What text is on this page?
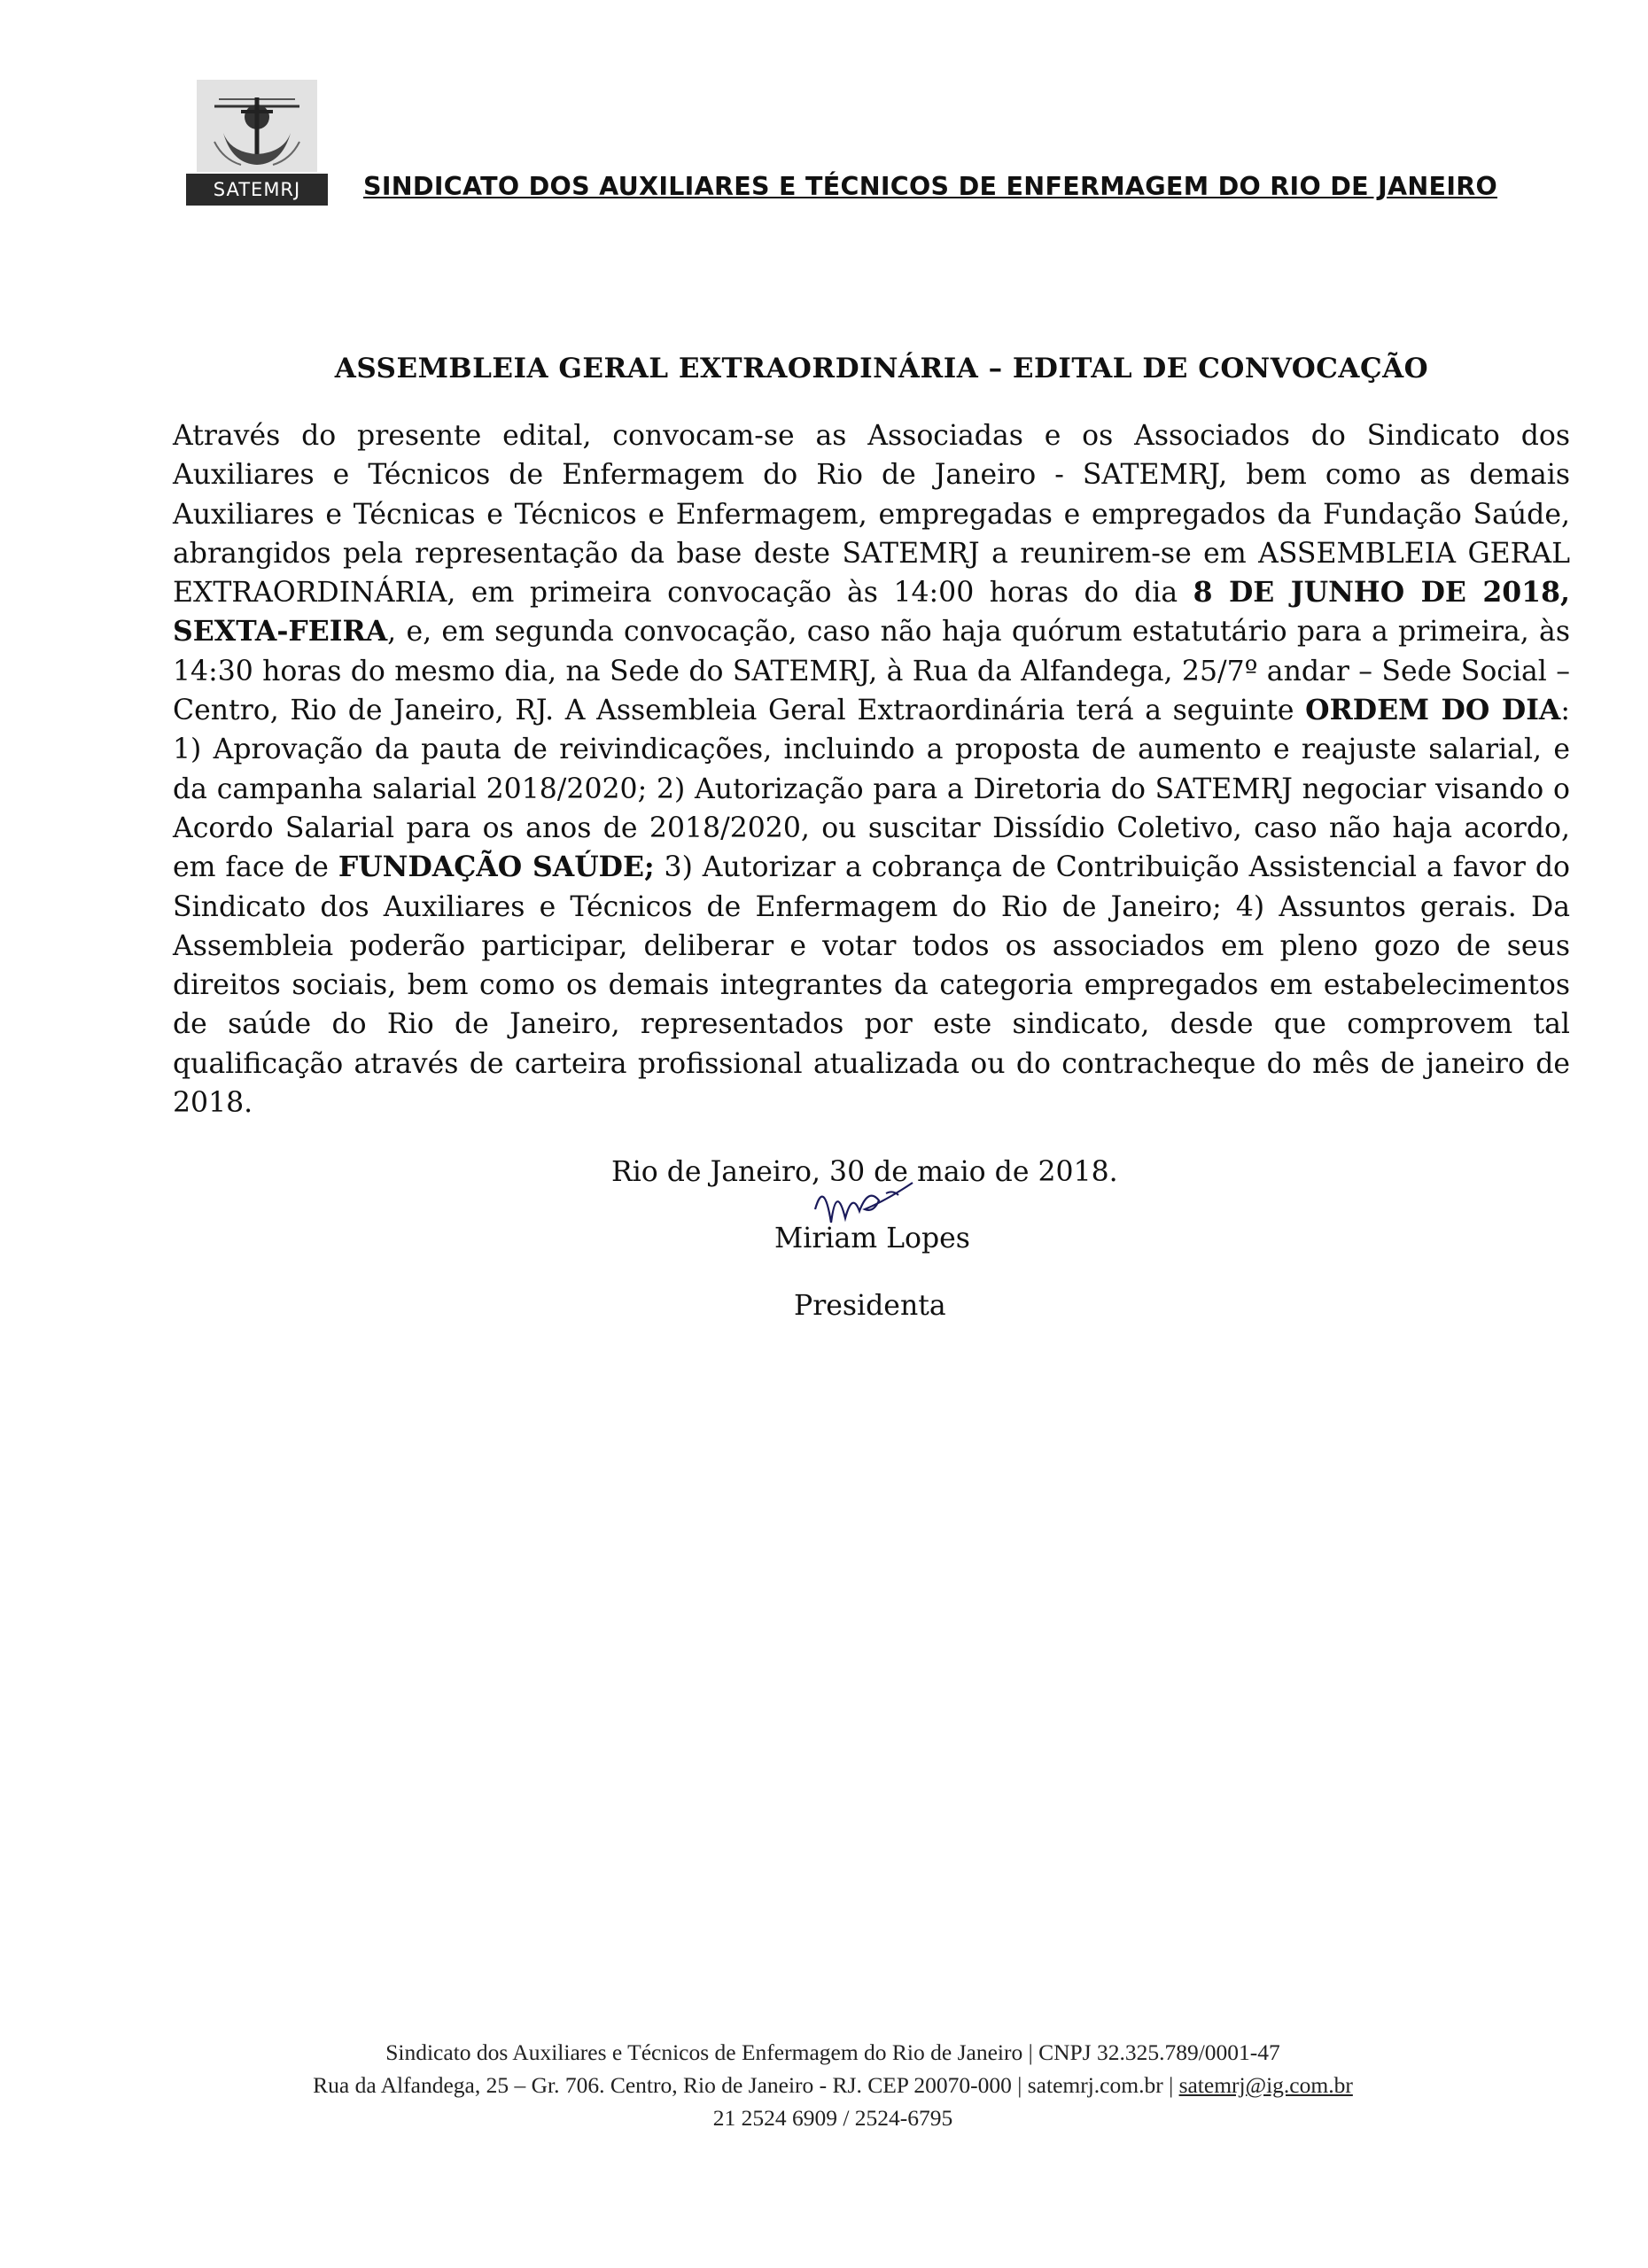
SATEMRJ	SINDICATO DOS AUXILIARES E TÉCNICOS DE ENFERMAGEM DO RIO DE JANEIRO
ASSEMBLEIA GERAL EXTRAORDINÁRIA – EDITAL DE CONVOCAÇÃO
Através do presente edital, convocam-se as Associadas e os Associados do Sindicato dos Auxiliares e Técnicos de Enfermagem do Rio de Janeiro - SATEMRJ, bem como as demais Auxiliares e Técnicas e Técnicos e Enfermagem, empregadas e empregados da Fundação Saúde, abrangidos pela representação da base deste SATEMRJ a reunirem-se em ASSEMBLEIA GERAL EXTRAORDINÁRIA, em primeira convocação às 14:00 horas do dia 8 DE JUNHO DE 2018, SEXTA-FEIRA, e, em segunda convocação, caso não haja quórum estatutário para a primeira, às 14:30 horas do mesmo dia, na Sede do SATEMRJ, à Rua da Alfandega, 25/7º andar – Sede Social – Centro, Rio de Janeiro, RJ. A Assembleia Geral Extraordinária terá a seguinte ORDEM DO DIA: 1) Aprovação da pauta de reivindicações, incluindo a proposta de aumento e reajuste salarial, e da campanha salarial 2018/2020; 2) Autorização para a Diretoria do SATEMRJ negociar visando o Acordo Salarial para os anos de 2018/2020, ou suscitar Dissídio Coletivo, caso não haja acordo, em face de FUNDAÇÃO SAÚDE; 3) Autorizar a cobrança de Contribuição Assistencial a favor do Sindicato dos Auxiliares e Técnicos de Enfermagem do Rio de Janeiro; 4) Assuntos gerais. Da Assembleia poderão participar, deliberar e votar todos os associados em pleno gozo de seus direitos sociais, bem como os demais integrantes da categoria empregados em estabelecimentos de saúde do Rio de Janeiro, representados por este sindicato, desde que comprovem tal qualificação através de carteira profissional atualizada ou do contracheque do mês de janeiro de 2018.
Rio de Janeiro, 30 de maio de 2018.
Miriam Lopes
Presidenta
Sindicato dos Auxiliares e Técnicos de Enfermagem do Rio de Janeiro | CNPJ 32.325.789/0001-47
Rua da Alfandega, 25 – Gr. 706. Centro, Rio de Janeiro - RJ. CEP 20070-000 | satemrj.com.br | satemrj@ig.com.br
21 2524 6909 / 2524-6795
